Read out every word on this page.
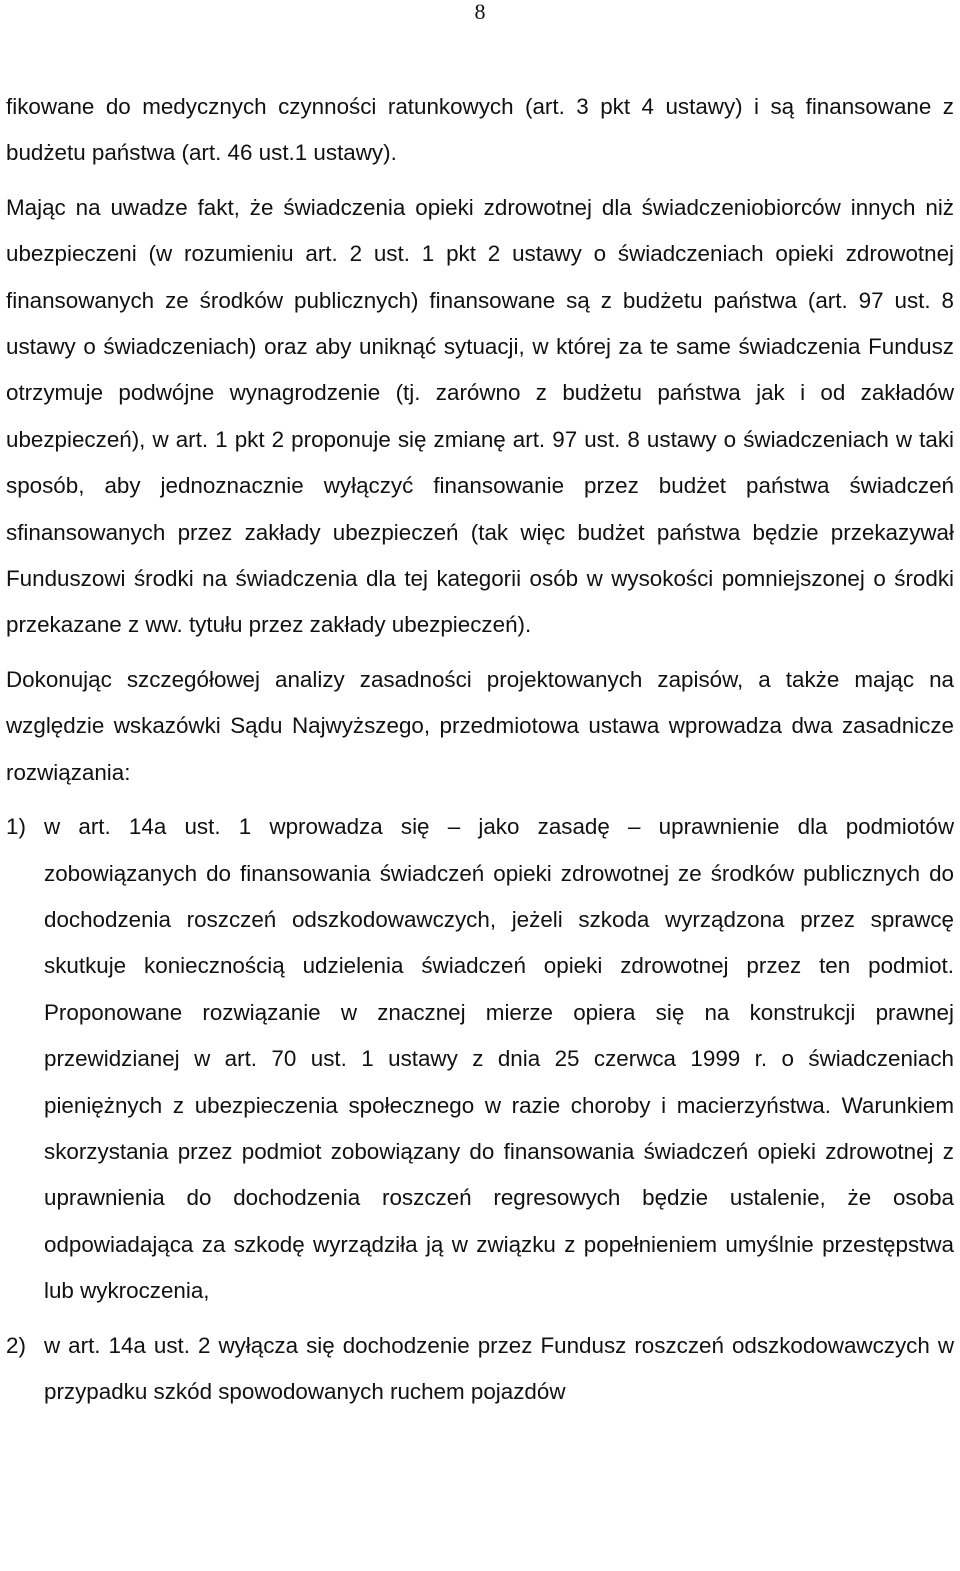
8

fikowane do medycznych czynności ratunkowych (art. 3 pkt 4 ustawy) i są finansowane z budżetu państwa (art. 46 ust.1 ustawy).

Mając na uwadze fakt, że świadczenia opieki zdrowotnej dla świadczeniobiorców innych niż ubezpieczeni (w rozumieniu art. 2 ust. 1 pkt 2 ustawy o świadczeniach opieki zdrowotnej finansowanych ze środków publicznych) finansowane są z budżetu państwa (art. 97 ust. 8 ustawy o świadczeniach) oraz aby uniknąć sytuacji, w której za te same świadczenia Fundusz otrzymuje podwójne wynagrodzenie (tj. zarówno z budżetu państwa jak i od zakładów ubezpieczeń), w art. 1 pkt 2 proponuje się zmianę art. 97 ust. 8 ustawy o świadczeniach w taki sposób, aby jednoznacznie wyłączyć finansowanie przez budżet państwa świadczeń sfinansowanych przez zakłady ubezpieczeń (tak więc budżet państwa będzie przekazywał Funduszowi środki na świadczenia dla tej kategorii osób w wysokości pomniejszonej o środki przekazane z ww. tytułu przez zakłady ubezpieczeń).

Dokonując szczegółowej analizy zasadności projektowanych zapisów, a także mając na względzie wskazówki Sądu Najwyższego, przedmiotowa ustawa wprowadza dwa zasadnicze rozwiązania:

1) w art. 14a ust. 1 wprowadza się – jako zasadę – uprawnienie dla podmiotów zobowiązanych do finansowania świadczeń opieki zdrowotnej ze środków publicznych do dochodzenia roszczeń odszkodowawczych, jeżeli szkoda wyrządzona przez sprawcę skutkuje koniecznością udzielenia świadczeń opieki zdrowotnej przez ten podmiot. Proponowane rozwiązanie w znacznej mierze opiera się na konstrukcji prawnej przewidzianej w art. 70 ust. 1 ustawy z dnia 25 czerwca 1999 r. o świadczeniach pieniężnych z ubezpieczenia społecznego w razie choroby i macierzyństwa. Warunkiem skorzystania przez podmiot zobowiązany do finansowania świadczeń opieki zdrowotnej z uprawnienia do dochodzenia roszczeń regresowych będzie ustalenie, że osoba odpowiadająca za szkodę wyrządziła ją w związku z popełnieniem umyślnie przestępstwa lub wykroczenia,
2) w art. 14a ust. 2 wyłącza się dochodzenie przez Fundusz roszczeń odszkodowawczych w przypadku szkód spowodowanych ruchem pojazdów
